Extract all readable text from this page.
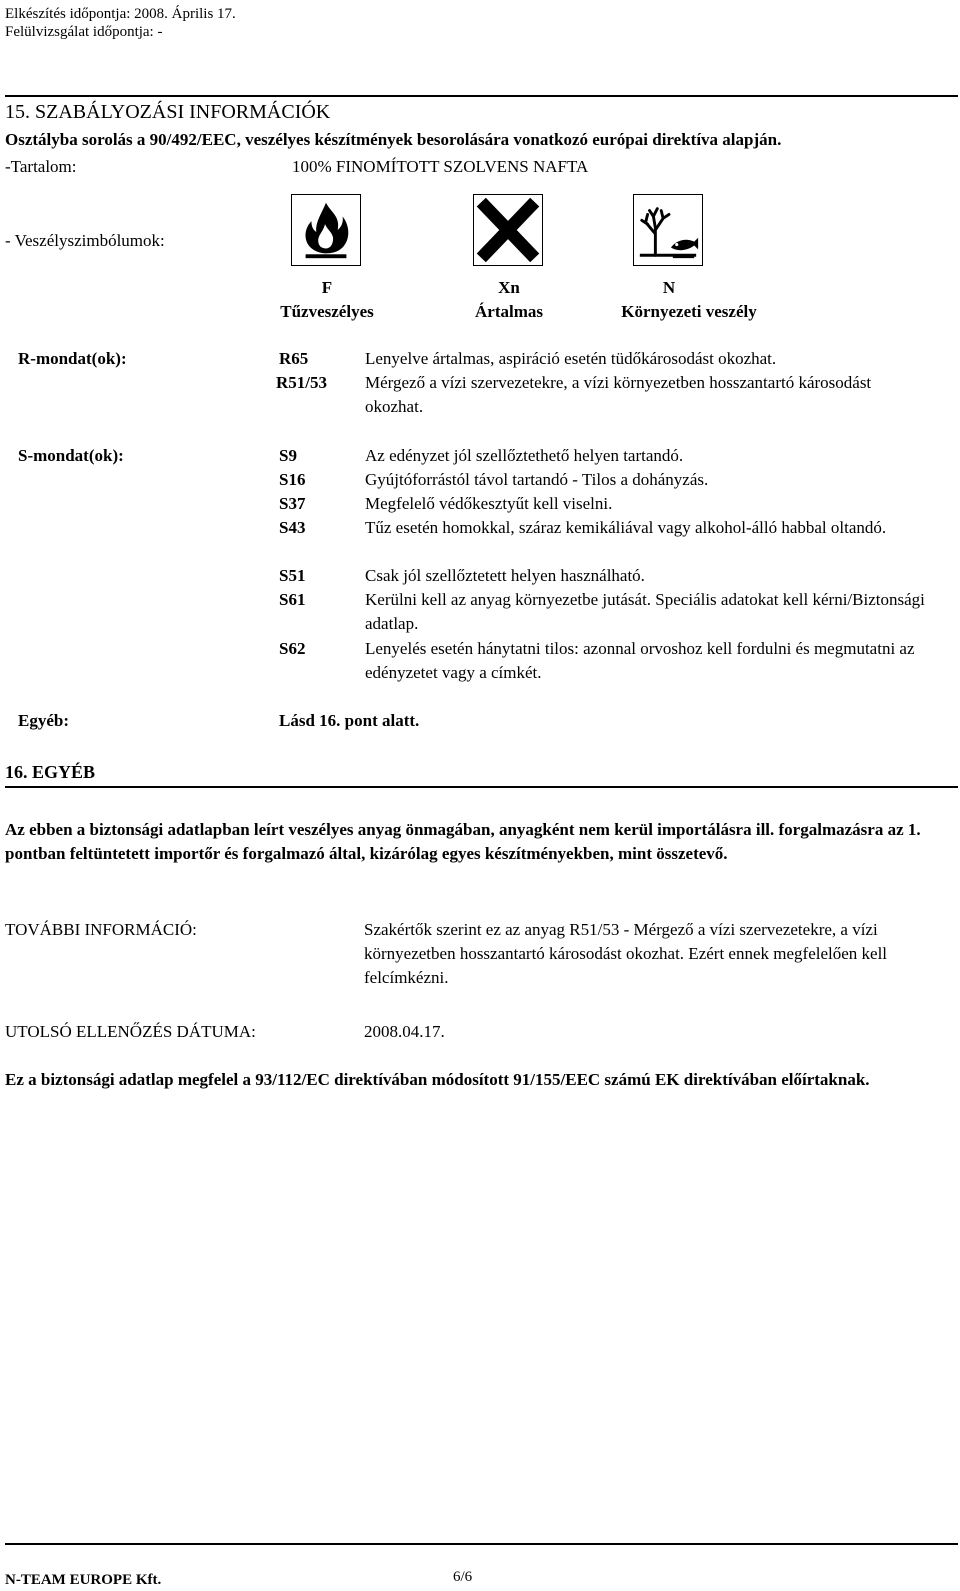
Elkészítés időpontja: 2008. Április 17.
Felülvizsgálat időpontja: -
15. SZABÁLYOZÁSI INFORMÁCIÓK
Osztályba sorolás a 90/492/EEC, veszélyes készítmények besorolására vonatkozó európai direktíva alapján.
-Tartalom:	100% FINOMÍTOTT SZOLVENS NAFTA
- Veszélyszimbólumok:
F	Xn	N
Tűzveszélyes	Ártalmas	Környezeti veszély
R-mondat(ok):	R65	Lenyelve ártalmas, aspiráció esetén tüdőkárosodást okozhat.
R51/53 Mérgező a vízi szervezetekre, a vízi környezetben hosszantartó károsodást okozhat.
S-mondat(ok):	S9	Az edényzet jól szellőztethető helyen tartandó.
S16	Gyújtóforrástól távol tartandó - Tilos a dohányzás.
S37	Megfelelő védőkesztyűt kell viselni.
S43	Tűz esetén homokkal, száraz kemikáliával vagy alkohol-álló habbal oltandó.
S51	Csak jól szellőztetett helyen használható.
S61	Kerülni kell az anyag környezetbe jutását. Speciális adatokat kell kérni/Biztonsági adatlap.
S62	Lenyelés esetén hánytatni tilos: azonnal orvoshoz kell fordulni és megmutatni az edényzetet vagy a címkét.
Egyéb:	Lásd 16. pont alatt.
16. EGYÉB
Az ebben a biztonsági adatlapban leírt veszélyes anyag önmagában, anyagként nem kerül importálásra ill. forgalmazásra az 1. pontban feltüntetett importőr és forgalmazó által, kizárólag egyes készítményekben, mint összetevő.
TOVÁBBI INFORMÁCIÓ:	Szakértők szerint ez az anyag R51/53 - Mérgező a vízi szervezetekre, a vízi környezetben hosszantartó károsodást okozhat. Ezért ennek megfelelően kell felcímkézni.
UTOLSÓ ELLENŐZÉS DÁTUMA:	2008.04.17.
Ez a biztonsági adatlap megfelel a 93/112/EC direktívában módosított 91/155/EEC számú EK direktívában előírtaknak.
N-TEAM EUROPE Kft.	6/6
